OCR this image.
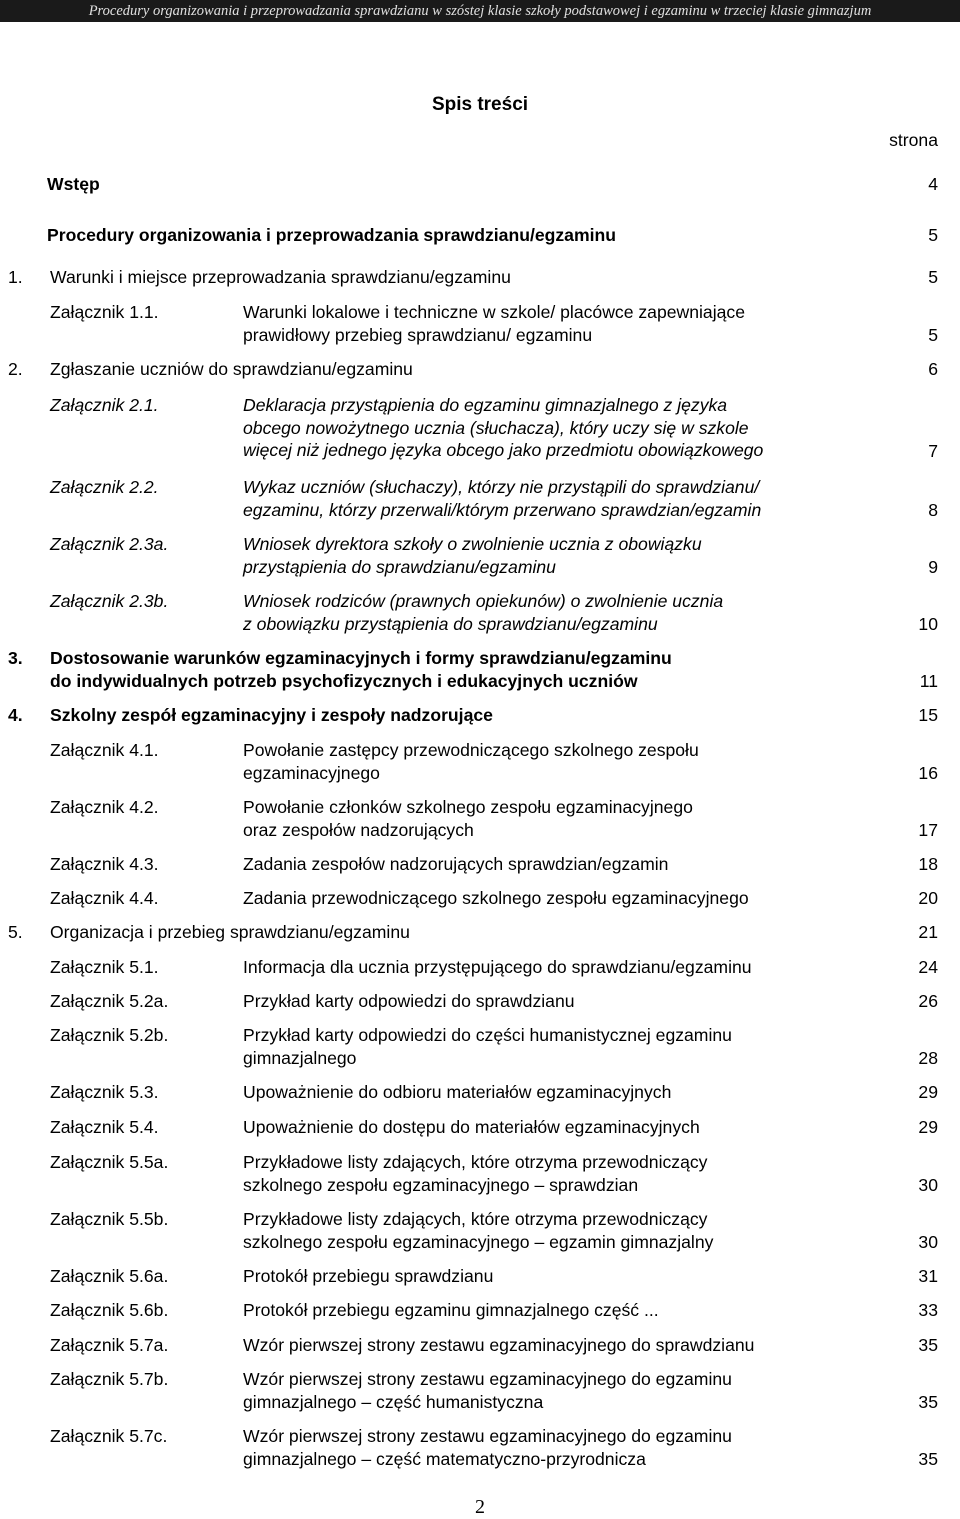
Procedury organizowania i przeprowadzania sprawdzianu w szóstej klasie szkoły podstawowej i egzaminu w trzeciej klasie gimnazjum
Spis treści
strona
Wstęp	4
Procedury organizowania i przeprowadzania sprawdzianu/egzaminu	5
1. Warunki i miejsce przeprowadzania sprawdzianu/egzaminu	5
Załącznik 1.1.	Warunki lokalowe i techniczne w szkole/ placówce zapewniające
prawidłowy przebieg sprawdzianu/ egzaminu	5
2. Zgłaszanie uczniów do sprawdzianu/egzaminu	6
Załącznik 2.1.	Deklaracja przystąpienia do egzaminu gimnazjalnego z języka
obcego nowożytnego ucznia (słuchacza), który uczy się w szkole
więcej niż jednego języka obcego jako przedmiotu obowiązkowego	7
Załącznik 2.2.	Wykaz uczniów (słuchaczy), którzy nie przystąpili do sprawdzianu/
egzaminu, którzy przerwali/którym przerwano sprawdzian/egzamin	8
Załącznik 2.3a.	Wniosek dyrektora szkoły o zwolnienie ucznia z obowiązku
przystąpienia do sprawdzianu/egzaminu	9
Załącznik 2.3b.	Wniosek rodziców (prawnych opiekunów) o zwolnienie ucznia
z obowiązku przystąpienia do sprawdzianu/egzaminu	10
3. Dostosowanie warunków egzaminacyjnych i formy sprawdzianu/egzaminu
do indywidualnych potrzeb psychofizycznych i edukacyjnych uczniów	11
4. Szkolny zespół egzaminacyjny i zespoły nadzorujące	15
Załącznik 4.1.	Powołanie zastępcy przewodniczącego szkolnego zespołu
egzaminacyjnego	16
Załącznik 4.2.	Powołanie członków szkolnego zespołu egzaminacyjnego
oraz zespołów nadzorujących	17
Załącznik 4.3.	Zadania zespołów nadzorujących sprawdzian/egzamin	18
Załącznik 4.4.	Zadania przewodniczącego szkolnego zespołu egzaminacyjnego	20
5. Organizacja i przebieg sprawdzianu/egzaminu	21
Załącznik 5.1.	Informacja dla ucznia przystępującego do sprawdzianu/egzaminu	24
Załącznik 5.2a.	Przykład karty odpowiedzi do sprawdzianu	26
Załącznik 5.2b.	Przykład karty odpowiedzi do części humanistycznej egzaminu
gimnazjalnego	28
Załącznik 5.3.	Upoważnienie do odbioru materiałów egzaminacyjnych	29
Załącznik 5.4.	Upoważnienie do dostępu do materiałów egzaminacyjnych	29
Załącznik 5.5a.	Przykładowe listy zdających, które otrzyma przewodniczący
szkolnego zespołu egzaminacyjnego – sprawdzian	30
Załącznik 5.5b.	Przykładowe listy zdających, które otrzyma przewodniczący
szkolnego zespołu egzaminacyjnego – egzamin gimnazjalny	30
Załącznik 5.6a.	Protokół przebiegu sprawdzianu	31
Załącznik 5.6b.	Protokół przebiegu egzaminu gimnazjalnego część ...	33
Załącznik 5.7a.	Wzór pierwszej strony zestawu egzaminacyjnego do sprawdzianu	35
Załącznik 5.7b.	Wzór pierwszej strony zestawu egzaminacyjnego do egzaminu
gimnazjalnego – część humanistyczna	35
Załącznik 5.7c.	Wzór pierwszej strony zestawu egzaminacyjnego do egzaminu
gimnazjalnego – część matematyczno-przyrodnicza	35
2
